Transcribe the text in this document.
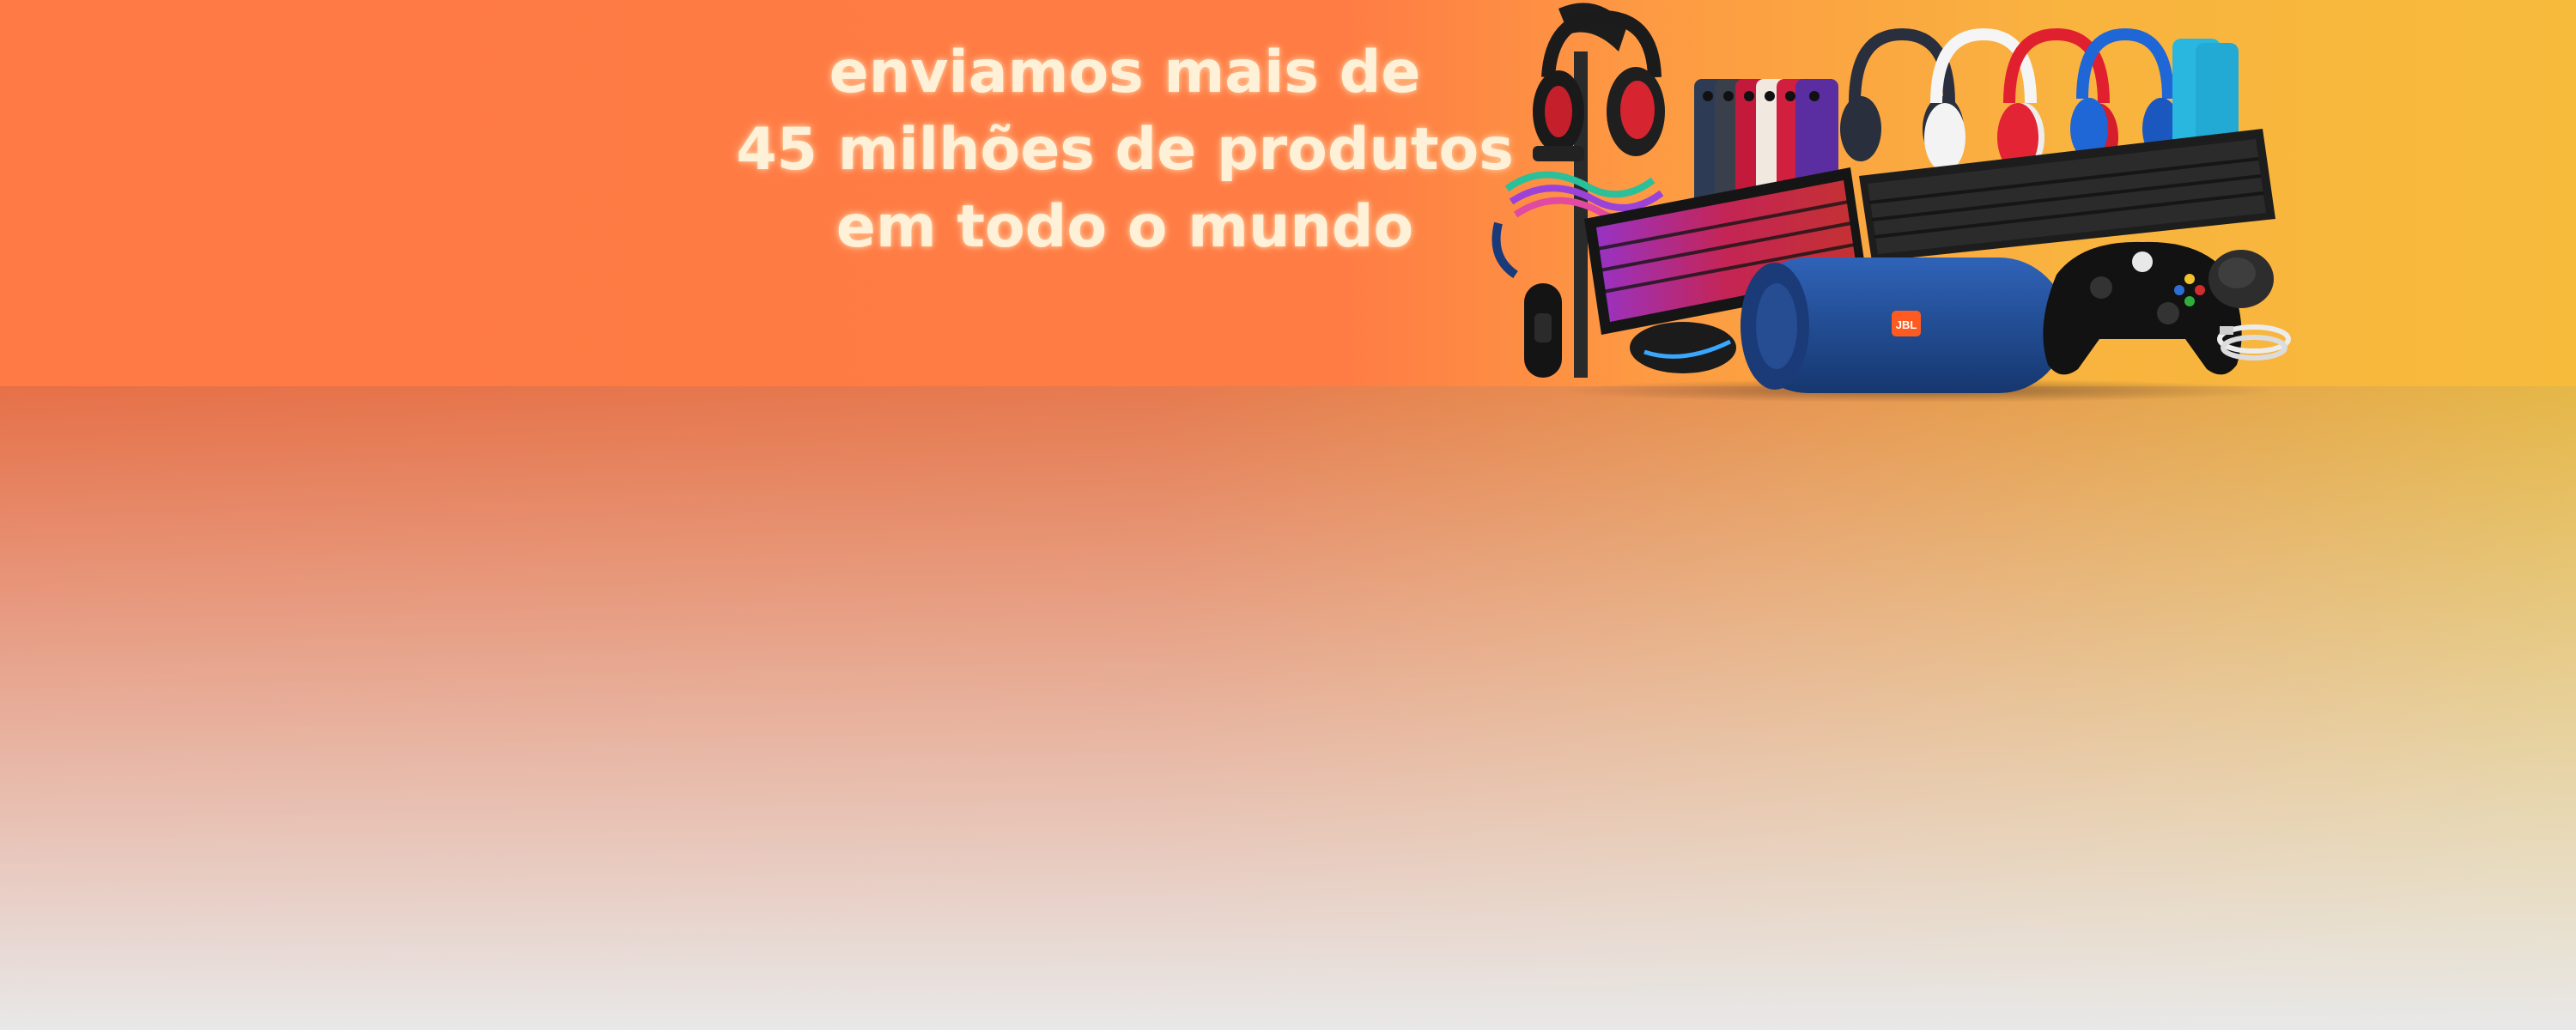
enviamos mais de
45 milhões de produtos
em todo o mundo
JBL
